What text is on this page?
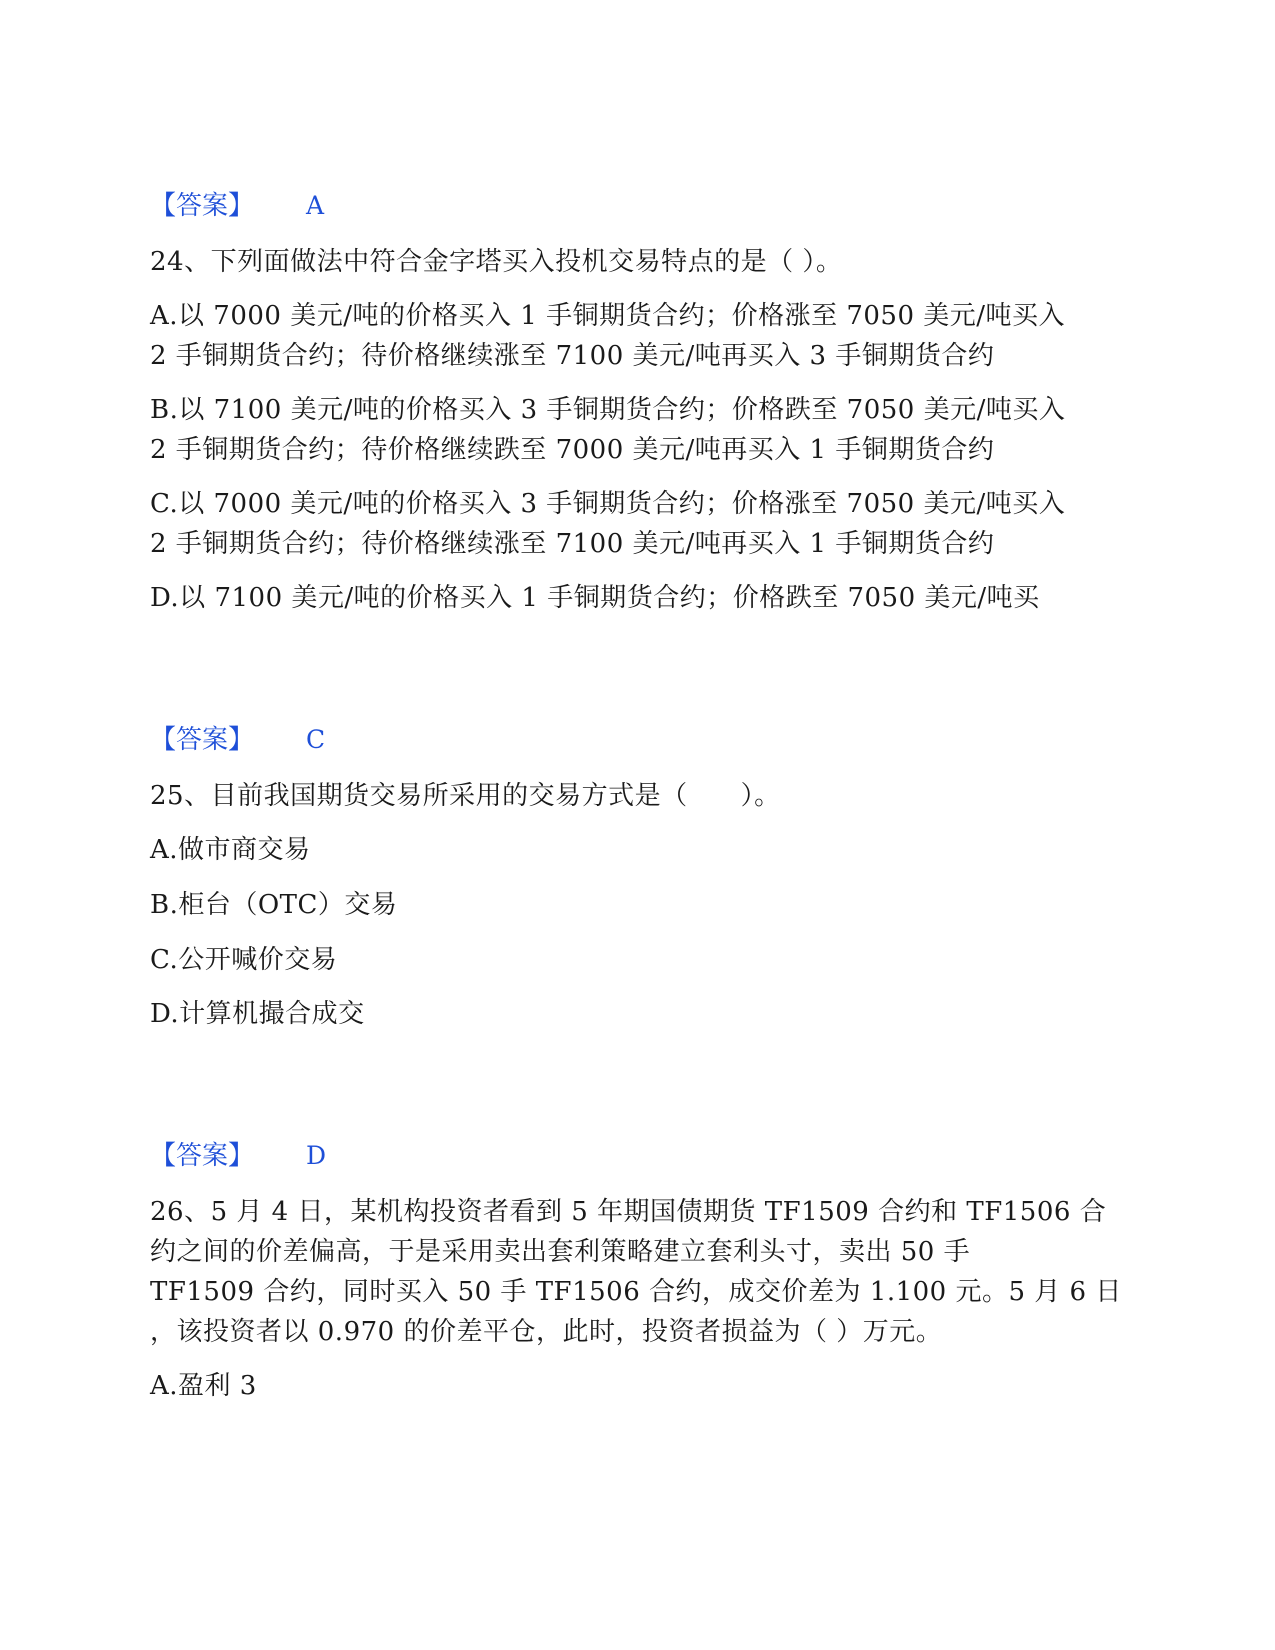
【答案】 A
24、下列面做法中符合金字塔买入投机交易特点的是（ ）。
A.以 7000 美元/吨的价格买入 1 手铜期货合约；价格涨至 7050 美元/吨买入
2 手铜期货合约；待价格继续涨至 7100 美元/吨再买入 3 手铜期货合约
B.以 7100 美元/吨的价格买入 3 手铜期货合约；价格跌至 7050 美元/吨买入
2 手铜期货合约；待价格继续跌至 7000 美元/吨再买入 1 手铜期货合约
C.以 7000 美元/吨的价格买入 3 手铜期货合约；价格涨至 7050 美元/吨买入
2 手铜期货合约；待价格继续涨至 7100 美元/吨再买入 1 手铜期货合约
D.以 7100 美元/吨的价格买入 1 手铜期货合约；价格跌至 7050 美元/吨买
【答案】 C
25、目前我国期货交易所采用的交易方式是（　　）。
A.做市商交易
B.柜台（OTC）交易
C.公开喊价交易
D.计算机撮合成交
【答案】 D
26、5 月 4 日，某机构投资者看到 5 年期国债期货 TF1509 合约和 TF1506 合
约之间的价差偏高，于是采用卖出套利策略建立套利头寸，卖出 50 手
TF1509 合约，同时买入 50 手 TF1506 合约，成交价差为 1.100 元。5 月 6 日
，该投资者以 0.970 的价差平仓，此时，投资者损益为（ ）万元。
A.盈利 3
